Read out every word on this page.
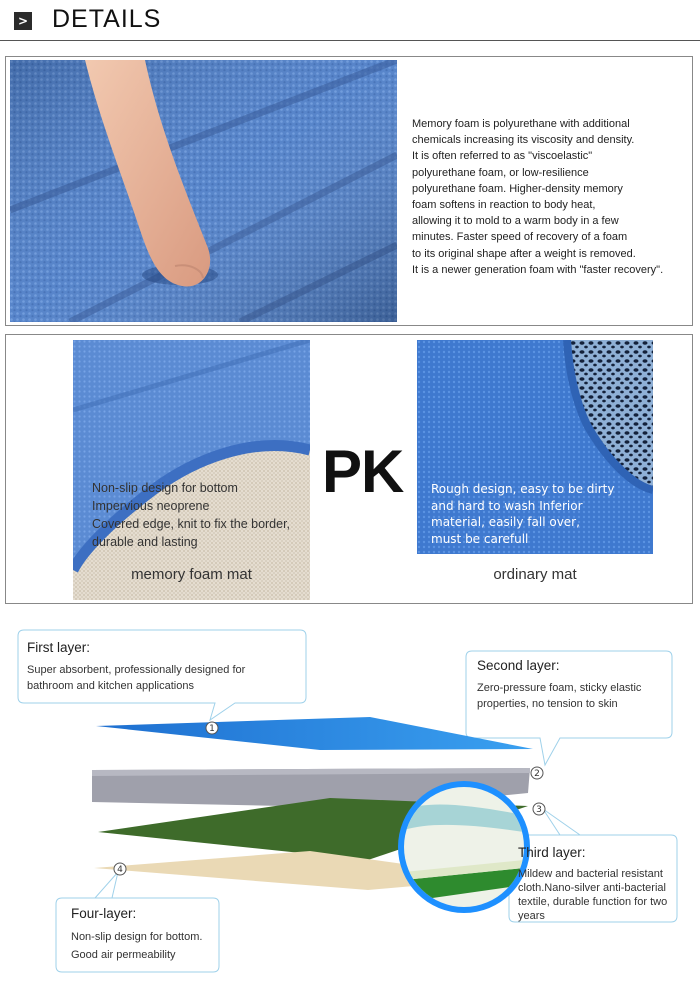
> DETAILS
Memory foam is polyurethane with additional
chemicals increasing its viscosity and density.
It is often referred to as "viscoelastic"
polyurethane foam, or low-resilience
polyurethane foam. Higher-density memory
foam softens in reaction to body heat,
allowing it to mold to a warm body in a few
minutes. Faster speed of recovery of a foam
to its original shape after a weight is removed.
It is a newer generation foam with "faster recovery".
Non-slip design for bottom
Impervious neoprene
Covered edge, knit to fix the border,
durable and lasting
memory foam mat
PK Rough design, easy to be dirty
and hard to wash Inferior
material, easily fall over,
must be carefull
ordinary mat
1
2
3
4
First layer:
Super absorbent, professionally designed for
bathroom and kitchen applications
Second layer:
Zero-pressure foam, sticky elastic
properties, no tension to skin
Third layer:
Mildew and bacterial resistant
cloth.Nano-silver anti-bacterial
textile, durable function for two
years
Four-layer:
Non-slip design for bottom.
Good air permeability
